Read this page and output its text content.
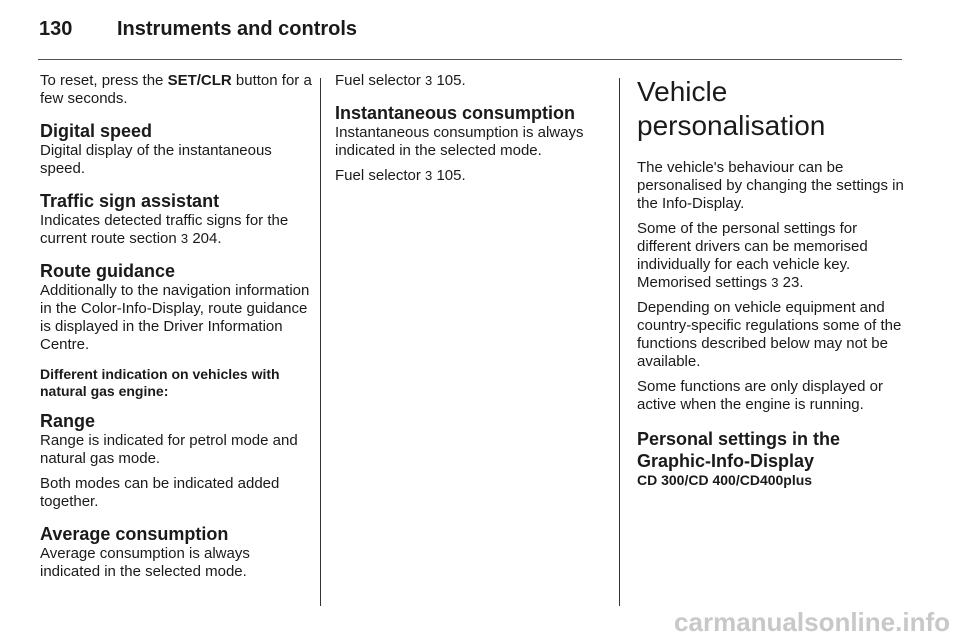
130 Instruments and controls

To reset, press the SET/CLR button for a few seconds.

Digital speed

Digital display of the instantaneous speed.

Traffic sign assistant

Indicates detected traffic signs for the current route section 3 204.

Route guidance

Additionally to the navigation information in the Color-Info-Display, route guidance is displayed in the Driver Information Centre.

Different indication on vehicles with natural gas engine:
Range

Range is indicated for petrol mode and natural gas mode.

Both modes can be indicated added together.

Average consumption

Average consumption is always indicated in the selected mode.

Fuel selector 3 105.

Instantaneous consumption

Instantaneous consumption is always indicated in the selected mode.

Fuel selector 3 105.

Vehicle personalisation

The vehicle's behaviour can be personalised by changing the settings in the Info-Display.

Some of the personal settings for different drivers can be memorised individually for each vehicle key. Memorised settings 3 23.

Depending on vehicle equipment and country-specific regulations some of the functions described below may not be available.

Some functions are only displayed or active when the engine is running.

Personal settings in the Graphic-Info-Display

CD 300/CD 400/CD400plus

carmanualsonline.info
